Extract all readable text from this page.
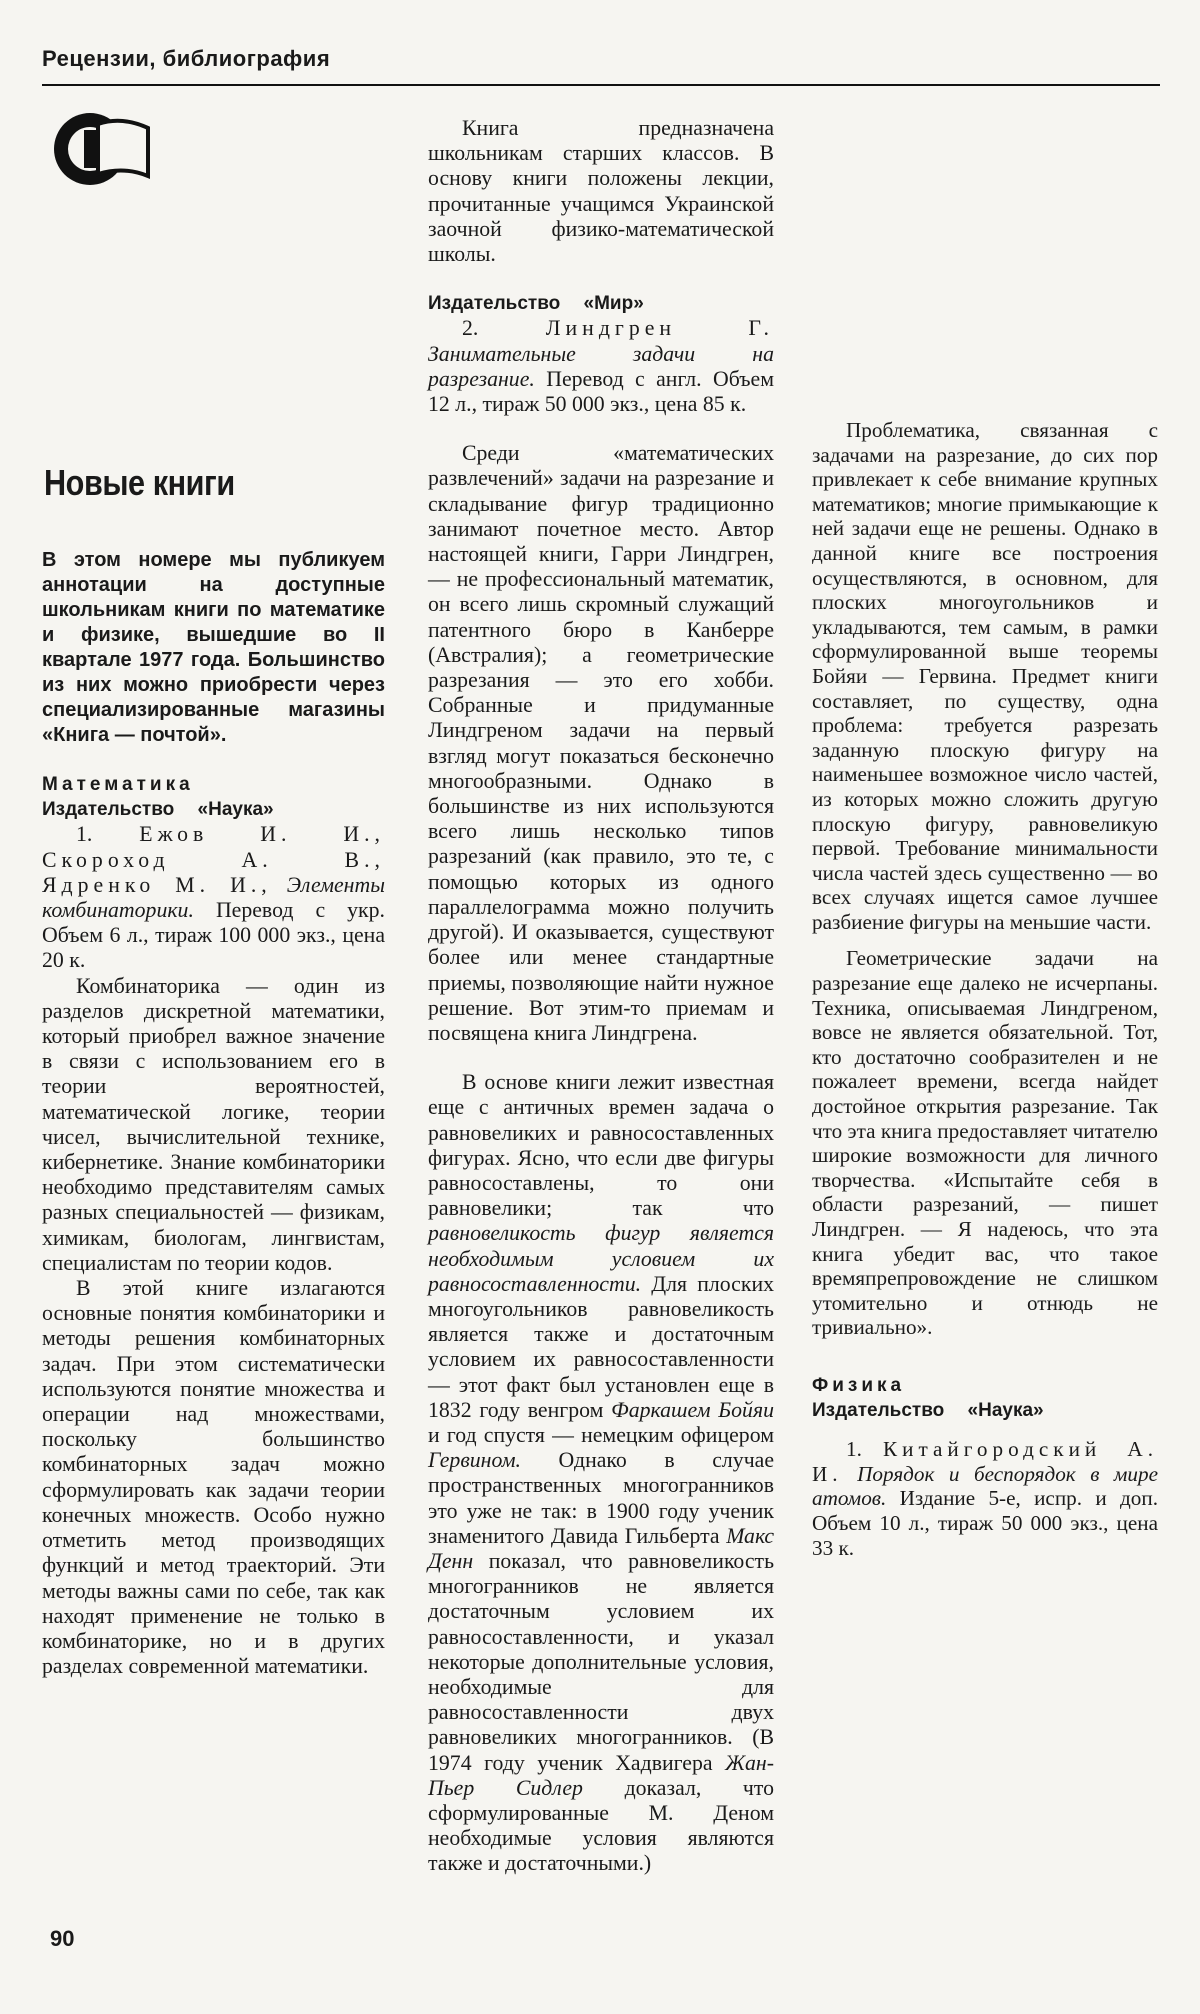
Рецензии, библиография
Новые книги
В этом номере мы публикуем аннотации на доступные школьникам книги по математике и физике, вышедшие во II квартале 1977 года. Большинство из них можно приобрести через специализированные магазины «Книга — почтой».

Математика

Издательство «Наука»

1. Ежов И. И., Скороход А. В., Ядренко М. И., Элементы комбинаторики. Перевод с укр. Объем 6 л., тираж 100 000 экз., цена 20 к.

Комбинаторика — один из разделов дискретной математики, который приобрел важное значение в связи с использованием его в теории вероятностей, математической логике, теории чисел, вычислительной технике, кибернетике. Знание комбинаторики необходимо представителям самых разных специальностей — физикам, химикам, биологам, лингвистам, специалистам по теории кодов.

В этой книге излагаются основные понятия комбинаторики и методы решения комбинаторных задач. При этом систематически используются понятие множества и операции над множествами, поскольку большинство комбинаторных задач можно сформулировать как задачи теории конечных множеств. Особо нужно отметить метод производящих функций и метод траекторий. Эти методы важны сами по себе, так как находят применение не только в комбинаторике, но и в других разделах современной математики.

Книга предназначена школьникам старших классов. В основу книги положены лекции, прочитанные учащимся Украинской заочной физико-математической школы.

Издательство «Мир»

2.	Линдгрен Г. Занимательные задачи на разрезание. Перевод с англ. Объем 12 л., тираж 50 000 экз., цена 85 к.

Среди «математических развлечений» задачи на разрезание и складывание фигур традиционно занимают почетное место. Автор настоящей книги, Гарри Линдгрен, — не профессиональный математик, он всего лишь скромный служащий патентного бюро в Канберре (Австралия); а геометрические разрезания — это его хобби. Собранные и придуманные Линдгреном задачи на первый взгляд могут показаться бесконечно многообразными. Однако в большинстве из них используются всего лишь несколько типов разрезаний (как правило, это те, с помощью которых из одного параллелограмма можно получить другой). И оказывается, существуют более или менее стандартные приемы, позволяющие найти нужное решение. Вот этим-то приемам и посвящена книга Линдгрена.

В основе книги лежит известная еще с античных времен задача о равновеликих и равносоставленных фигурах. Ясно, что если две фигуры равносоставлены, то они равновелики; так что равновеликость фигур является необходимым условием их равносоставленности. Для плоских многоугольников равновеликость является также и достаточным условием их равносоставленности — этот факт был установлен еще в 1832 году венгром Фаркашем Бойяи и год спустя — немецким офицером Гервином. Однако в случае пространственных многогранников это уже не так: в 1900 году ученик знаменитого Давида Гильберта Макс Денн показал, что равновеликость многогранников не является достаточным условием их равносоставленности, и указал некоторые дополнительные условия, необходимые для равносоставленности двух равновеликих многогранников. (В 1974 году ученик Хадвигера Жан-Пьер Сидлер доказал, что сформулированные М. Деном необходимые условия являются также и достаточными.)

Проблематика, связанная с задачами на разрезание, до сих пор привлекает к себе внимание крупных математиков; многие примыкающие к ней задачи еще не решены. Однако в данной книге все построения осуществляются, в основном, для плоских многоугольников и укладываются, тем самым, в рамки сформулированной выше теоремы Бойяи — Гервина. Предмет книги составляет, по существу, одна проблема: требуется разрезать заданную плоскую фигуру на наименьшее возможное число частей, из которых можно сложить другую плоскую фигуру, равновеликую первой. Требование минимальности числа частей здесь существенно — во всех случаях ищется самое лучшее разбиение фигуры на меньшие части.

Геометрические задачи на разрезание еще далеко не исчерпаны. Техника, описываемая Линдгреном, вовсе не является обязательной. Тот, кто достаточно сообразителен и не пожалеет времени, всегда найдет достойное открытия разрезание. Так что эта книга предоставляет читателю широкие возможности для личного творчества. «Испытайте себя в области разрезаний, — пишет Линдгрен. — Я надеюсь, что эта книга убедит вас, что такое времяпрепровождение не слишком утомительно и отнюдь не тривиально».

Физика

Издательство «Наука»

1. Китайгородский А. И. Порядок и беспорядок в мире атомов. Издание 5-е, испр. и доп. Объем 10 л., тираж 50 000 экз., цена 33 к.

90
